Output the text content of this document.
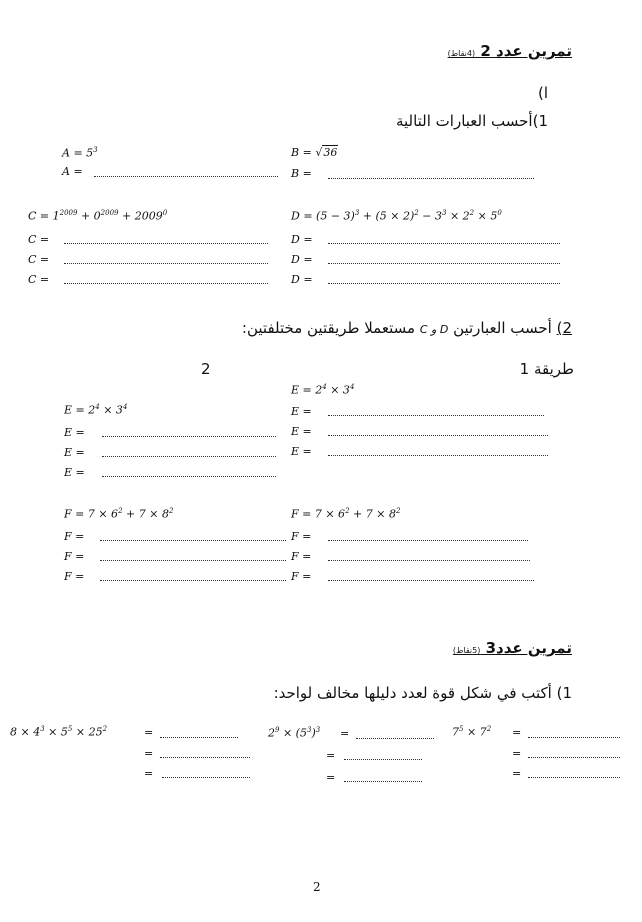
تمرين عدد 2 (4نقاط)
ا)
1)أحسب العبارات التالية
$A = 5^3$
A =
B = √36
B =
$C = 1^{2009} + 0^{2009} + 2009^0$	$D = (5 - 3)^3 + (5 \times 2)^2 - 3^3 \times 2^2 \times 5^0$
C =
C =
C =
D =
D =
D =
2) أحسب العبارتين D و C مستعملا طريقتين مختلفتين:
طريقة 1
2
$E = 2^4 \times 3^4$
E =
E =
E =
$E = 2^4 \times 3^4$
E =
E =
E =
$F = 7 \times 6^2 + 7 \times 8^2$
F =
F =
F =
$F = 7 \times 6^2 + 7 \times 8^2$
F =
F =
F =
تمرين عدد3 (5نقاط)
1) أكتب في شكل قوة لعدد دليلها مخالف لواحد:
$8 \times 4^3 \times 5^5 \times 25^2$	=
=
=
$2^9 \times (5^3)^3$ =
=
=
$7^5 \times 7^2$ =
=
=
2
